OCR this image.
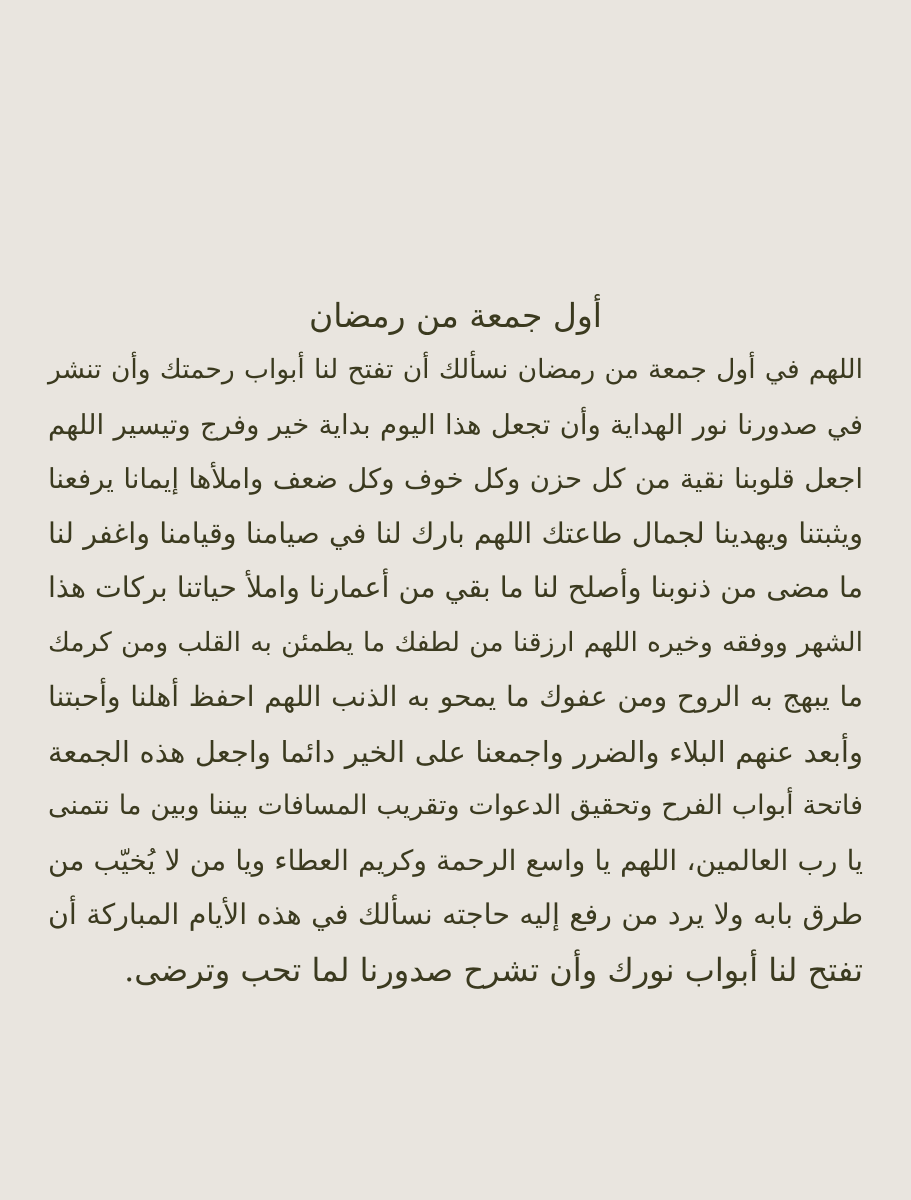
أول جمعة من رمضان
اللهم في أول جمعة من رمضان نسألك أن تفتح لنا أبواب رحمتك وأن تنشر
في صدورنا نور الهداية وأن تجعل هذا اليوم بداية خير وفرج وتيسير اللهم
اجعل قلوبنا نقية من كل حزن وكل خوف وكل ضعف واملأها إيمانا يرفعنا
ويثبتنا ويهدينا لجمال طاعتك اللهم بارك لنا في صيامنا وقيامنا واغفر لنا
ما مضى من ذنوبنا وأصلح لنا ما بقي من أعمارنا واملأ حياتنا بركات هذا
الشهر ووفقه وخيره اللهم ارزقنا من لطفك ما يطمئن به القلب ومن كرمك
ما يبهج به الروح ومن عفوك ما يمحو به الذنب اللهم احفظ أهلنا وأحبتنا
وأبعد عنهم البلاء والضرر واجمعنا على الخير دائما واجعل هذه الجمعة
فاتحة أبواب الفرح وتحقيق الدعوات وتقريب المسافات بيننا وبين ما نتمنى
يا رب العالمين، اللهم يا واسع الرحمة وكريم العطاء ويا من لا يُخيّب من
طرق بابه ولا يرد من رفع إليه حاجته نسألك في هذه الأيام المباركة أن
تفتح لنا أبواب نورك وأن تشرح صدورنا لما تحب وترضى.
